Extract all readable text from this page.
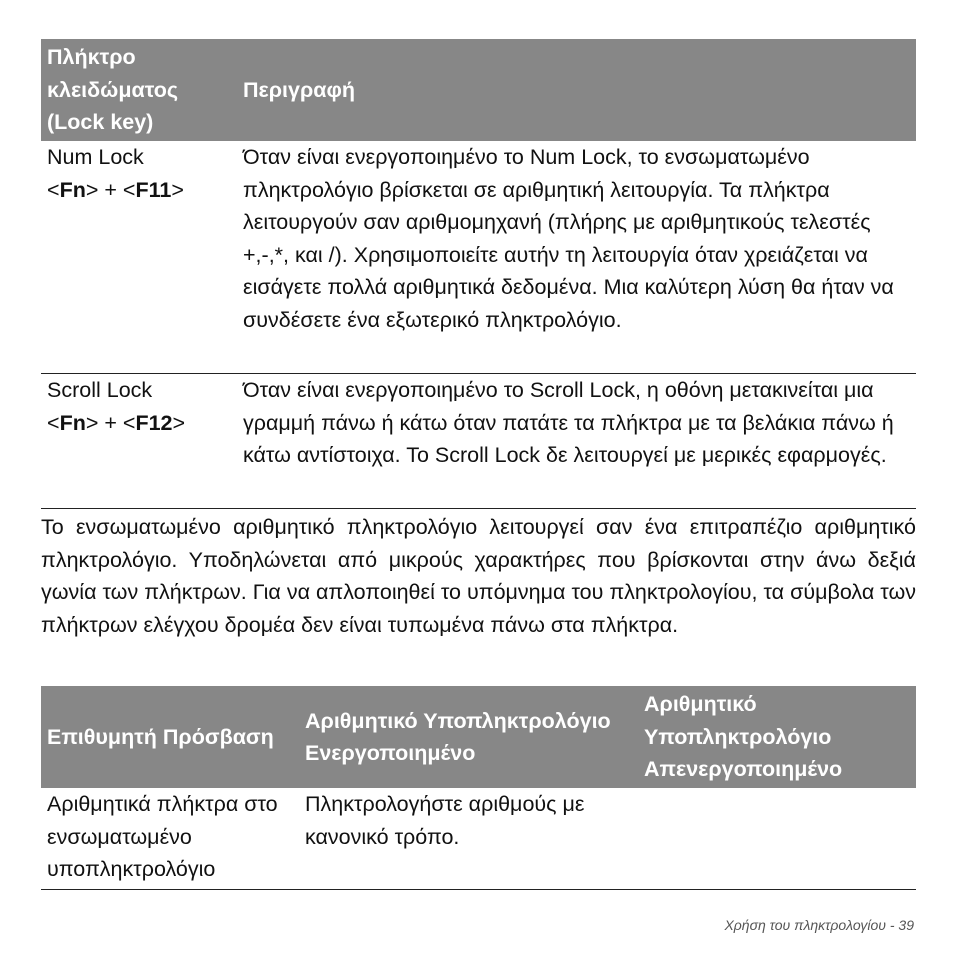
Πλήκτρο κλειδώματος (Lock key)	Περιγραφή

Num Lock
<Fn> + <F11>	Όταν είναι ενεργοποιημένο το Num Lock, το ενσωματωμένο πληκτρολόγιο βρίσκεται σε αριθμητική λειτουργία. Τα πλήκτρα λειτουργούν σαν αριθμομηχανή (πλήρης με αριθμητικούς τελεστές +,-,*, και /). Χρησιμοποιείτε αυτήν τη λειτουργία όταν χρειάζεται να εισάγετε πολλά αριθμητικά δεδομένα. Μια καλύτερη λύση θα ήταν να συνδέσετε ένα εξωτερικό πληκτρολόγιο.

Scroll Lock
<Fn> + <F12>	Όταν είναι ενεργοποιημένο το Scroll Lock, η οθόνη μετακινείται μια γραμμή πάνω ή κάτω όταν πατάτε τα πλήκτρα με τα βελάκια πάνω ή κάτω αντίστοιχα. Το Scroll Lock δε λειτουργεί με μερικές εφαρμογές.

Το ενσωματωμένο αριθμητικό πληκτρολόγιο λειτουργεί σαν ένα επιτραπέζιο αριθμητικό πληκτρολόγιο. Υποδηλώνεται από μικρούς χαρακτήρες που βρίσκονται στην άνω δεξιά γωνία των πλήκτρων. Για να απλοποιηθεί το υπόμνημα του πληκτρολογίου, τα σύμβολα των πλήκτρων ελέγχου δρομέα δεν είναι τυπωμένα πάνω στα πλήκτρα.

Επιθυμητή Πρόσβαση	Αριθμητικό Υποπληκτρολόγιο Ενεργοποιημένο	Αριθμητικό Υποπληκτρολόγιο Απενεργοποιημένο
Αριθμητικά πλήκτρα στο ενσωματωμένο υποπληκτρολόγιο	Πληκτρολογήστε αριθμούς με κανονικό τρόπο.	
Χρήση του πληκτρολογίου - 39
